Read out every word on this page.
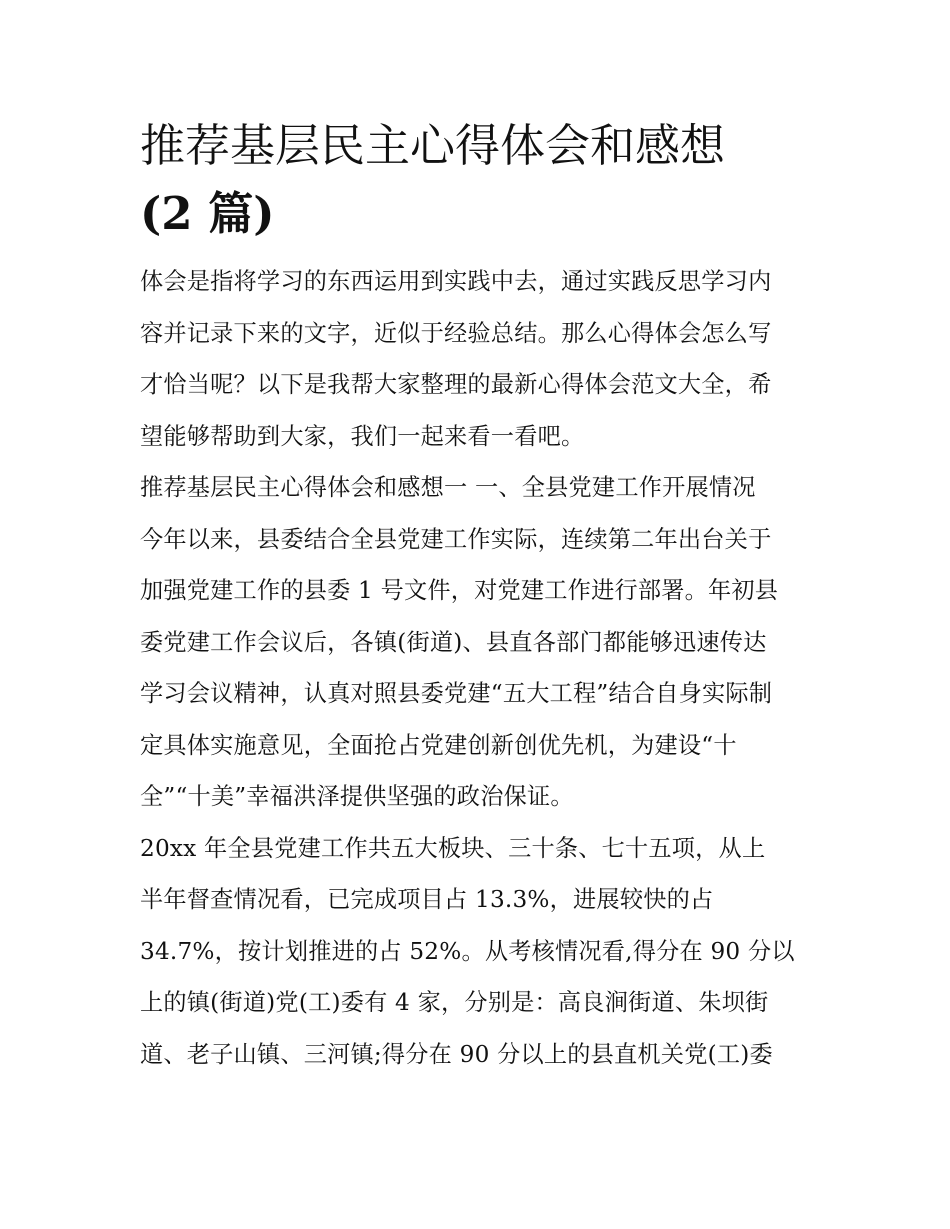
推荐基层民主心得体会和感想
(2 篇)

体会是指将学习的东西运用到实践中去，通过实践反思学习内
容并记录下来的文字，近似于经验总结。那么心得体会怎么写
才恰当呢？以下是我帮大家整理的最新心得体会范文大全，希
望能够帮助到大家，我们一起来看一看吧。

推荐基层民主心得体会和感想一 一、全县党建工作开展情况
今年以来，县委结合全县党建工作实际，连续第二年出台关于
加强党建工作的县委 1 号文件，对党建工作进行部署。年初县
委党建工作会议后，各镇(街道)、县直各部门都能够迅速传达
学习会议精神，认真对照县委党建“五大工程”结合自身实际制
定具体实施意见，全面抢占党建创新创优先机，为建设“十
全”“十美”幸福洪泽提供坚强的政治保证。

20xx 年全县党建工作共五大板块、三十条、七十五项，从上
半年督查情况看，已完成项目占 13.3%，进展较快的占
34.7%，按计划推进的占 52%。从考核情况看,得分在 90 分以
上的镇(街道)党(工)委有 4 家，分别是：高良涧街道、朱坝街
道、老子山镇、三河镇;得分在 90 分以上的县直机关党(工)委
